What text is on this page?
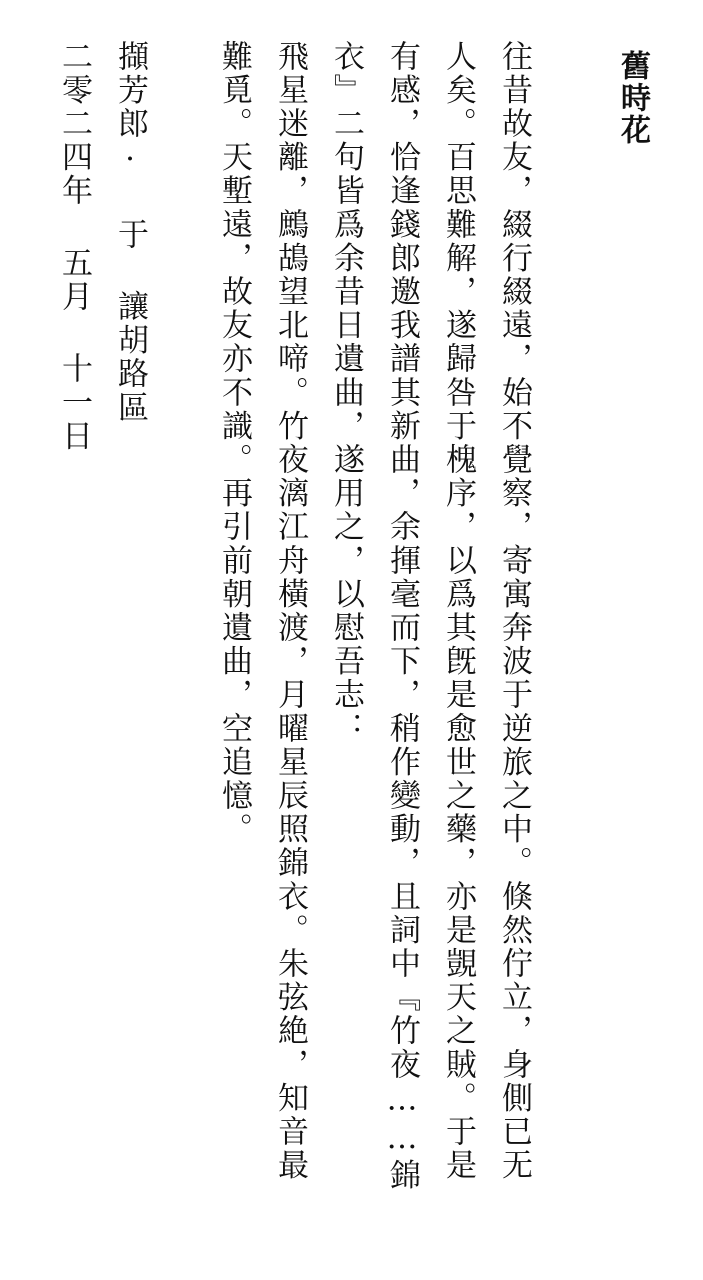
舊時花
往昔故友，綴行綴遠，始不覺察，寄寓奔波于逆旅之中。倏然佇立，身側已无
人矣。百思難解，遂歸咎于槐序，以爲其旣是愈世之藥，亦是覬天之賊。于是
有感，恰逢錢郎邀我譜其新曲，余揮毫而下，稍作變動，且詞中『竹夜……錦
衣』二句皆爲余昔日遺曲，遂用之，以慰吾志：
飛星迷離，鷓鴣望北啼。竹夜漓江舟橫渡，月曜星辰照錦衣。朱弦絶，知音最
難覓。天塹遠，故友亦不識。再引前朝遺曲，空追憶。
擷芳郎· 于 讓胡路區
二零二四年 五月 十一日
